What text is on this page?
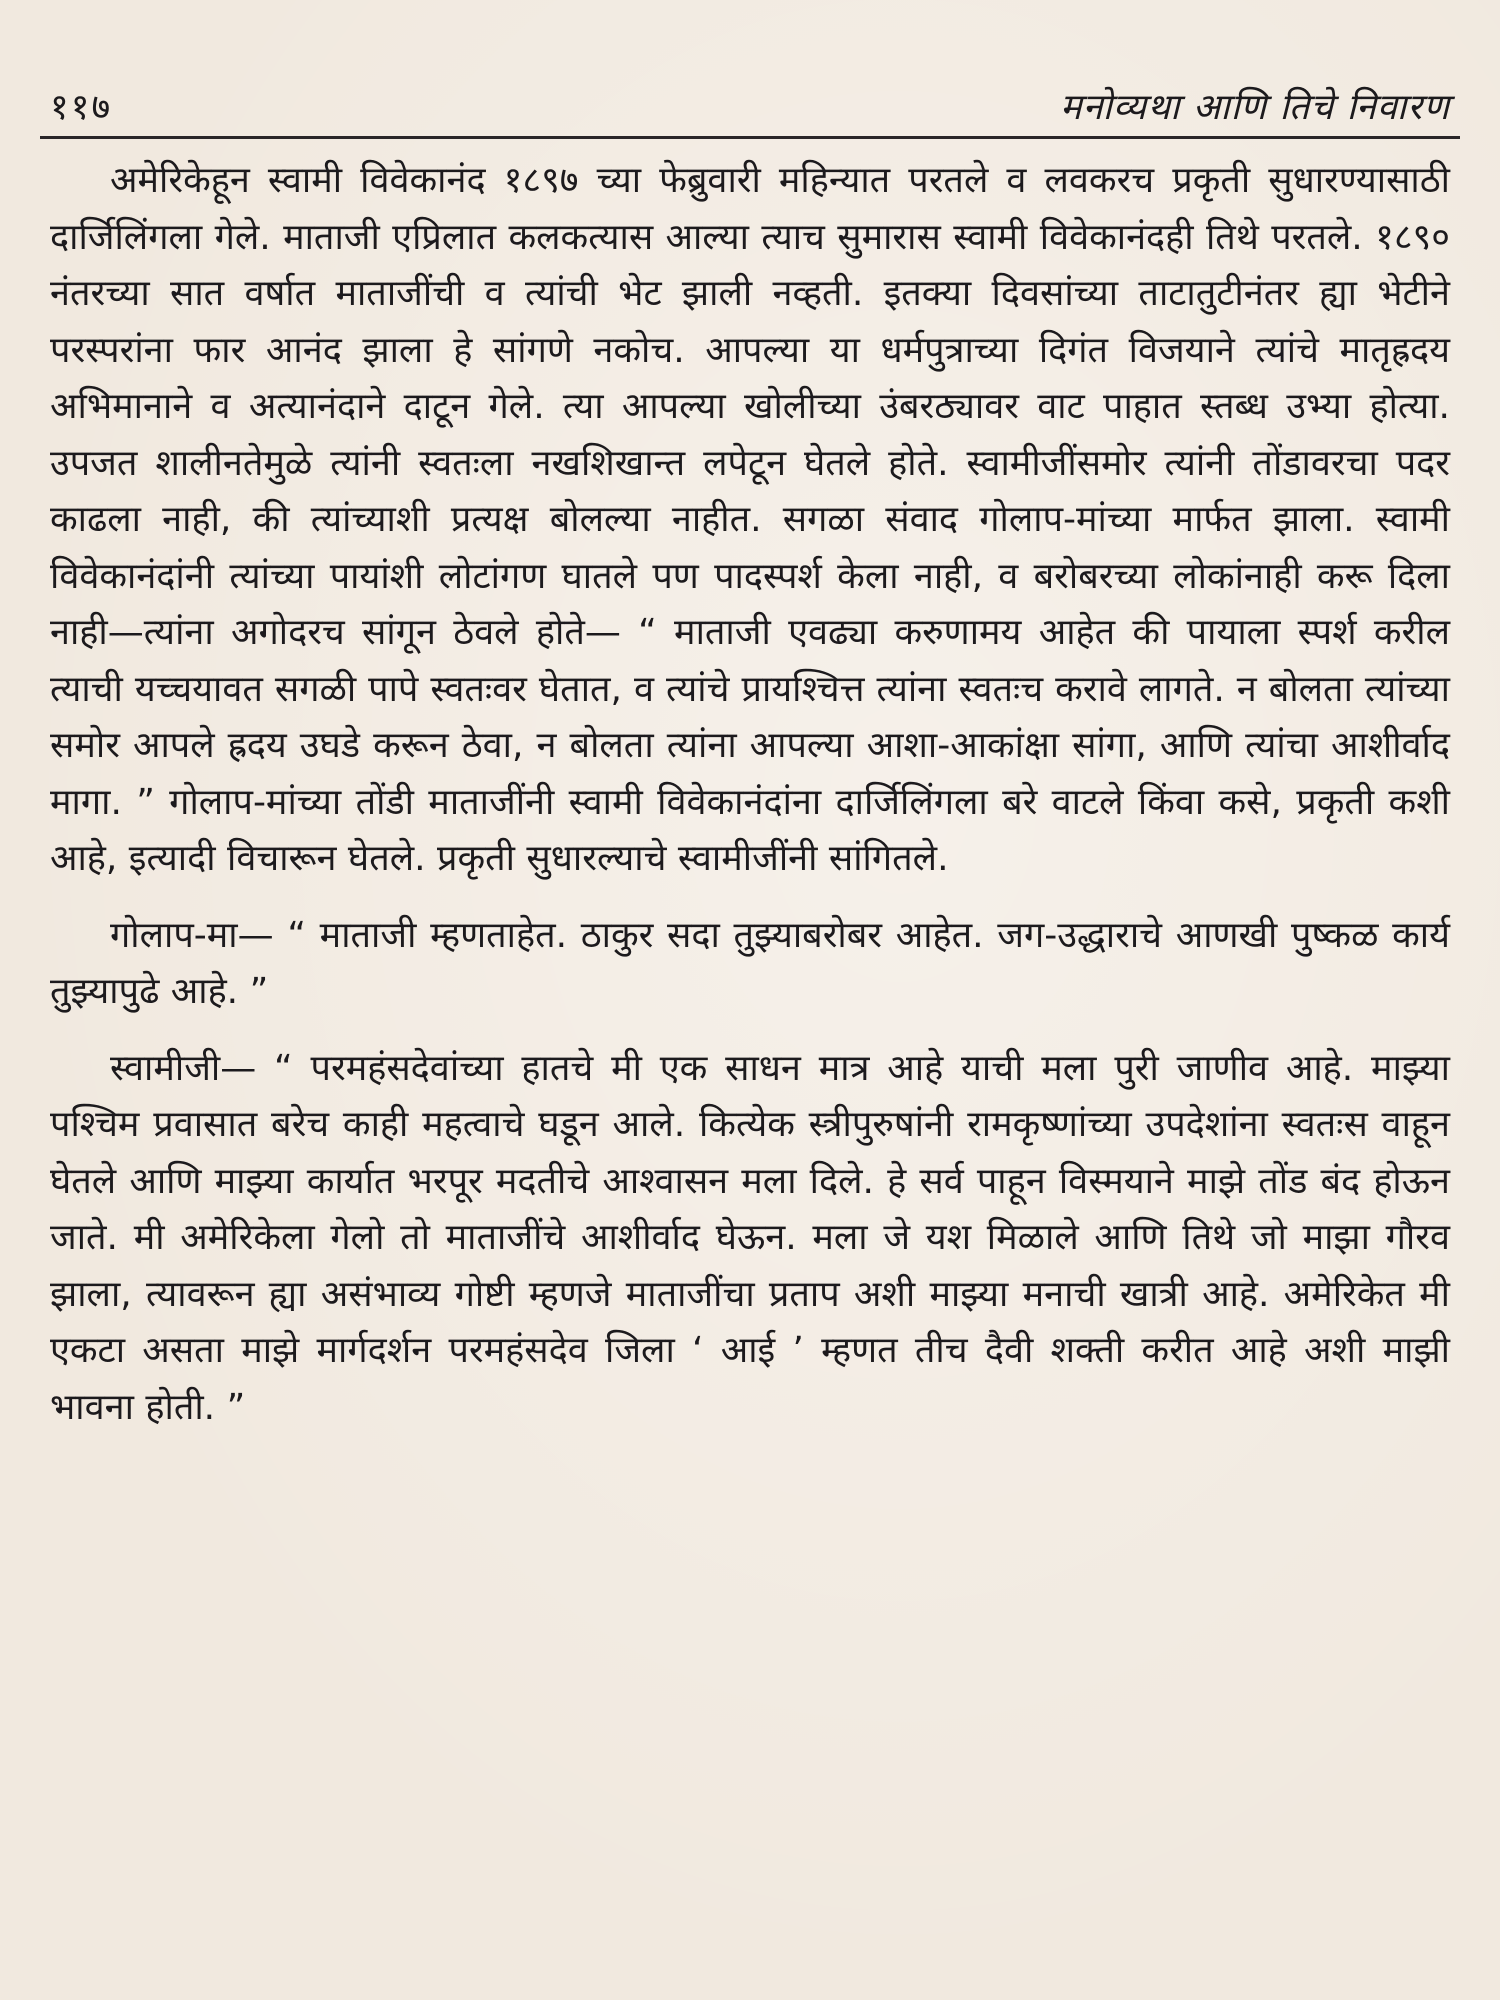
११७	मनोव्यथा आणि तिचे निवारण

अमेरिकेहून स्वामी विवेकानंद १८९७ च्या फेब्रुवारी महिन्यात परतले व लवकरच प्रकृती सुधारण्यासाठी दार्जिलिंगला गेले. माताजी एप्रिलात कलकत्यास आल्या त्याच सुमारास स्वामी विवेकानंदही तिथे परतले. १८९० नंतरच्या सात वर्षात माताजींची व त्यांची भेट झाली नव्हती. इतक्या दिवसांच्या ताटातुटीनंतर ह्या भेटीने परस्परांना फार आनंद झाला हे सांगणे नकोच. आपल्या या धर्मपुत्राच्या दिगंत विजयाने त्यांचे मातृह्रदय अभिमानाने व अत्यानंदाने दाटून गेले. त्या आपल्या खोलीच्या उंबरठ्यावर वाट पाहात स्तब्ध उभ्या होत्या. उपजत शालीनतेमुळे त्यांनी स्वतःला नखशिखान्त लपेटून घेतले होते. स्वामीजींसमोर त्यांनी तोंडावरचा पदर काढला नाही, की त्यांच्याशी प्रत्यक्ष बोलल्या नाहीत. सगळा संवाद गोलाप-मांच्या मार्फत झाला. स्वामी विवेकानंदांनी त्यांच्या पायांशी लोटांगण घातले पण पादस्पर्श केला नाही, व बरोबरच्या लोकांनाही करू दिला नाही—त्यांना अगोदरच सांगून ठेवले होते— “ माताजी एवढ्या करुणामय आहेत की पायाला स्पर्श करील त्याची यच्चयावत सगळी पापे स्वतःवर घेतात, व त्यांचे प्रायश्चित्त त्यांना स्वतःच करावे लागते. न बोलता त्यांच्या समोर आपले ह्रदय उघडे करून ठेवा, न बोलता त्यांना आपल्या आशा-आकांक्षा सांगा, आणि त्यांचा आशीर्वाद मागा. ” गोलाप-मांच्या तोंडी माताजींनी स्वामी विवेकानंदांना दार्जिलिंगला बरे वाटले किंवा कसे, प्रकृती कशी आहे, इत्यादी विचारून घेतले. प्रकृती सुधारल्याचे स्वामीजींनी सांगितले.

गोलाप-मा— “ माताजी म्हणताहेत. ठाकुर सदा तुझ्याबरोबर आहेत. जग-उद्धाराचे आणखी पुष्कळ कार्य तुझ्यापुढे आहे. ”

स्वामीजी— “ परमहंसदेवांच्या हातचे मी एक साधन मात्र आहे याची मला पुरी जाणीव आहे. माझ्या पश्चिम प्रवासात बरेच काही महत्वाचे घडून आले. कित्येक स्त्रीपुरुषांनी रामकृष्णांच्या उपदेशांना स्वतःस वाहून घेतले आणि माझ्या कार्यात भरपूर मदतीचे आश्वासन मला दिले. हे सर्व पाहून विस्मयाने माझे तोंड बंद होऊन जाते. मी अमेरिकेला गेलो तो माताजींचे आशीर्वाद घेऊन. मला जे यश मिळाले आणि तिथे जो माझा गौरव झाला, त्यावरून ह्या असंभाव्य गोष्टी म्हणजे माताजींचा प्रताप अशी माझ्या मनाची खात्री आहे. अमेरिकेत मी एकटा असता माझे मार्गदर्शन परमहंसदेव जिला ‘ आई ’ म्हणत तीच दैवी शक्ती करीत आहे अशी माझी भावना होती. ”
